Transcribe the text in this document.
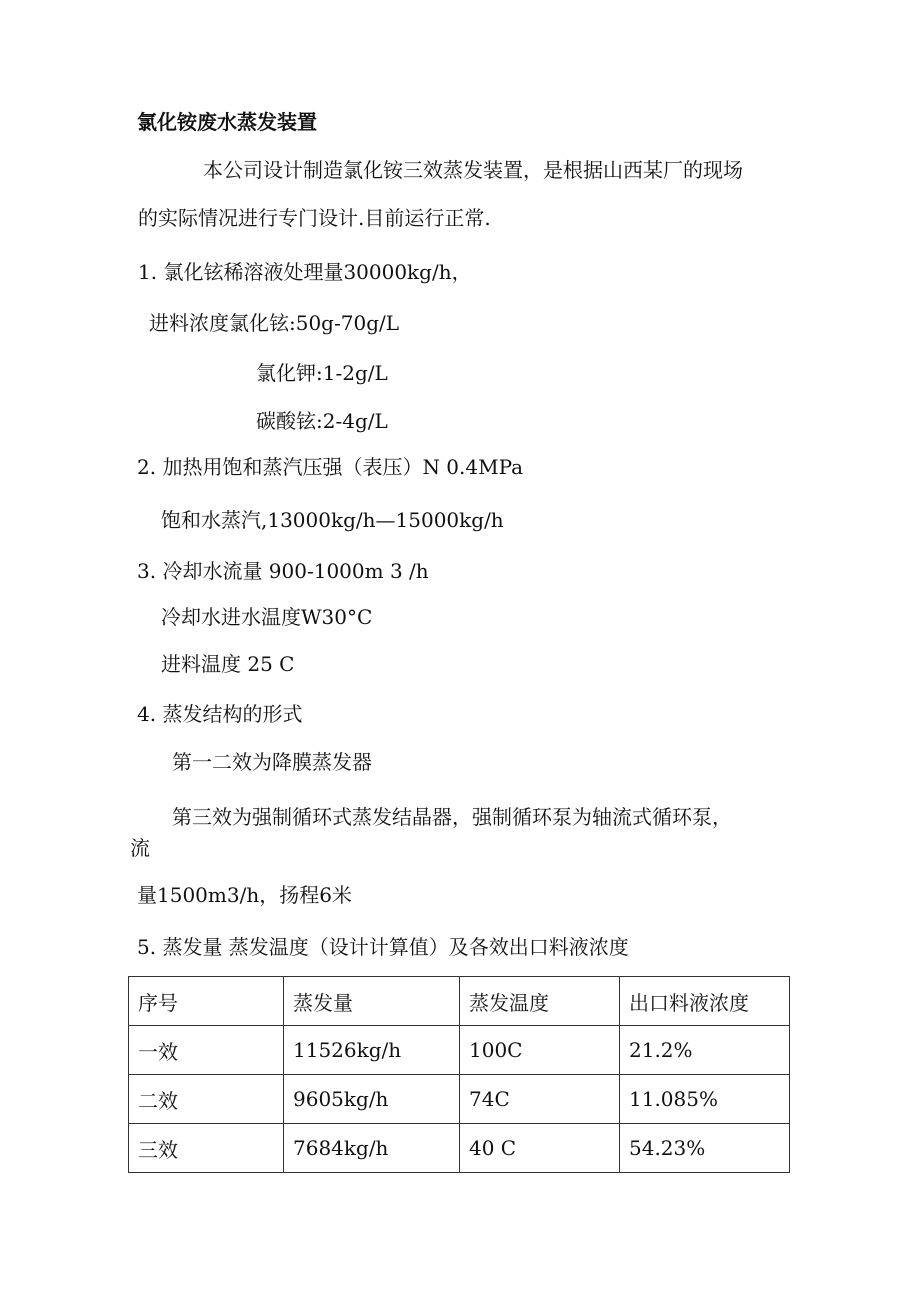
氯化铵废水蒸发装置
本公司设计制造氯化铵三效蒸发装置，是根据山西某厂的现场
的实际情况进行专门设计.目前运行正常.
1. 氯化铉稀溶液处理量30000kg/h，
进料浓度氯化铉:50g-70g/L
氯化钾:1-2g/L
碳酸铉:2-4g/L
2. 加热用饱和蒸汽压强（表压）N 0.4MPa
饱和水蒸汽,13000kg/h—15000kg/h
3. 冷却水流量 900-1000m 3 /h
冷却水进水温度W30°C
进料温度 25 C
4. 蒸发结构的形式
第一二效为降膜蒸发器
第三效为强制循环式蒸发结晶器，强制循环泵为轴流式循环泵，
流
量1500m3/h，扬程6米
5. 蒸发量 蒸发温度（设计计算值）及各效出口料液浓度
序号	蒸发量	蒸发温度	出口料液浓度
一效	11526kg/h	100C	21.2%
二效	9605kg/h	74C	11.085%
三效	7684kg/h	40 C	54.23%
